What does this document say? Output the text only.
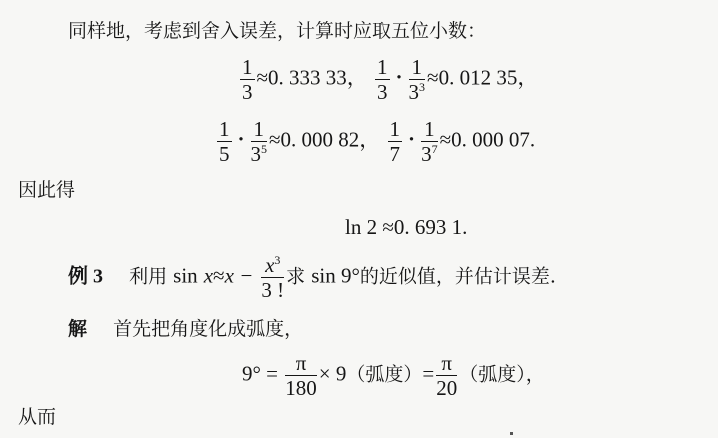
同样地，考虑到舍入误差，计算时应取五位小数：
$\frac{1}{3} \approx 0$. 333 33， $\frac{1}{3} \cdot \frac{1}{3^3} \approx 0$. 012 35，
$\frac{1}{5} \cdot \frac{1}{3^5} \approx 0$. 000 82， $\frac{1}{7} \cdot \frac{1}{3^7} \approx 0$. 000 07.
因此得
ln 2 ≈0. 693 1.
例 3 利用 $\sin x\approx x - \frac{x^3}{3 !}$ 求 sin 9°的近似值，并估计误差.
解 首先把角度化成弧度，
$9^\circ = \frac{\pi}{180} \times 9$（弧度）= $\frac{\pi}{20}$ （弧度），
从而
